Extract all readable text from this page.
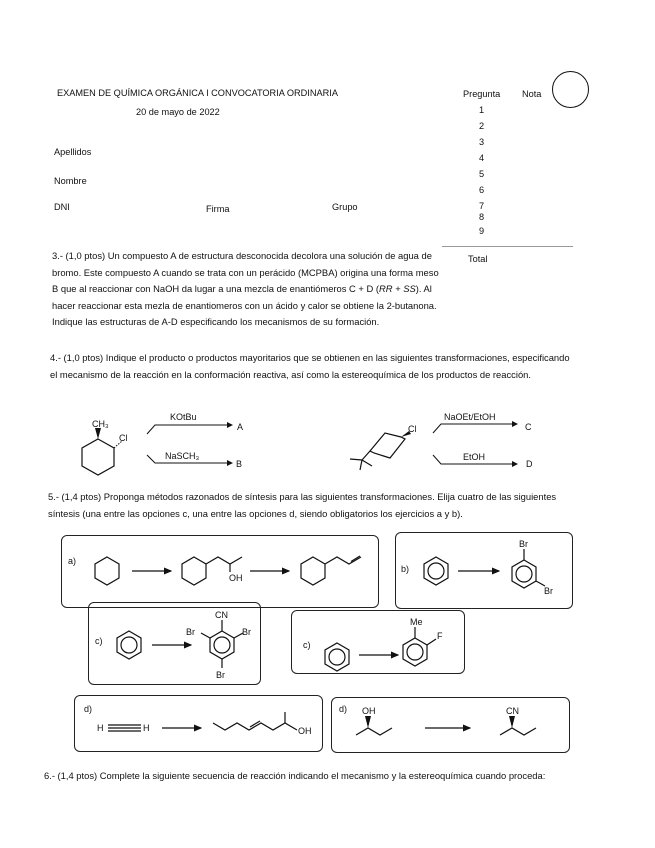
EXAMEN DE QUÍMICA ORGÁNICA I CONVOCATORIA ORDINARIA
20 de mayo de 2022
Apellidos
Nombre
DNI	Firma	Grupo
Pregunta Nota
1
2
3
4
5
6
7
8
9
Total
3.- (1,0 ptos) Un compuesto A de estructura desconocida decolora una solución de agua de bromo. Este compuesto A cuando se trata con un perácido (MCPBA) origina una forma meso B que al reaccionar con NaOH da lugar a una mezcla de enantiómeros C + D (RR + SS). Al hacer reaccionar esta mezla de enantiomeros con un ácido y calor se obtiene la 2-butanona. Indique las estructuras de A-D especificando los mecanismos de su formación.
4.- (1,0 ptos) Indique el producto o productos mayoritarios que se obtienen en las siguientes transformaciones, especificando el mecanismo de la reacción en la conformación reactiva, así como la estereoquímica de los productos de reacción.
CH₃
Cl
KOtBu
A
NaSCH₃
B
Cl
NaOEt/EtOH
C
EtOH
D
5.- (1,4 ptos) Proponga métodos razonados de síntesis para las siguientes transformaciones. Elija cuatro de las siguientes síntesis (una entre las opciones c, una entre las opciones d, siendo obligatorios los ejercicios a y b).
a)
b)
c)	c)
d)	d)
OH
Br
Br
CN
Br	Br
Br
Me
F
H	H	OH
OH	CN
6.- (1,4 ptos) Complete la siguiente secuencia de reacción indicando el mecanismo y la estereoquímica cuando proceda:
